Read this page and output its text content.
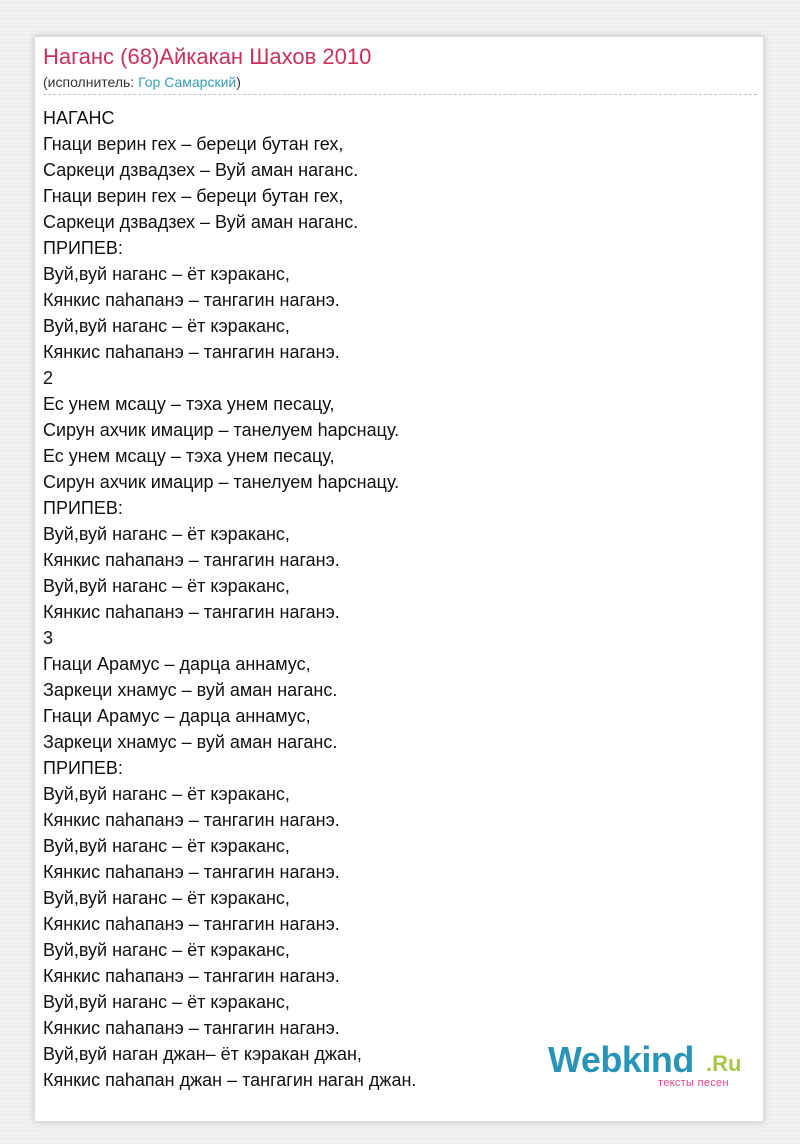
Наганс (68)Айкакан Шахов 2010
(исполнитель: Гор Самарский)
НАГАНС
Гнаци верин гех – береци бутан гех,
Саркеци дзвадзех – Вуй аман наганс.
Гнаци верин гех – береци бутан гех,
Саркеци дзвадзех – Вуй аман наганс.
ПРИПЕВ:
Вуй,вуй наганс – ёт кэраканс,
Кянкис паhапанэ – тангагин наганэ.
Вуй,вуй наганс – ёт кэраканс,
Кянкис паhапанэ – тангагин наганэ.
2
Ес унем мсацу – тэха унем песацу,
Сирун ахчик имацир – танелуем hарснацу.
Ес унем мсацу – тэха унем песацу,
Сирун ахчик имацир – танелуем hарснацу.
ПРИПЕВ:
Вуй,вуй наганс – ёт кэраканс,
Кянкис паhапанэ – тангагин наганэ.
Вуй,вуй наганс – ёт кэраканс,
Кянкис паhапанэ – тангагин наганэ.
3
Гнаци Арамус – дарца аннамус,
Заркеци хнамус – вуй аман наганс.
Гнаци Арамус – дарца аннамус,
Заркеци хнамус – вуй аман наганс.
ПРИПЕВ:
Вуй,вуй наганс – ёт кэраканс,
Кянкис паhапанэ – тангагин наганэ.
Вуй,вуй наганс – ёт кэраканс,
Кянкис паhапанэ – тангагин наганэ.
Вуй,вуй наганс – ёт кэраканс,
Кянкис паhапанэ – тангагин наганэ.
Вуй,вуй наганс – ёт кэраканс,
Кянкис паhапанэ – тангагин наганэ.
Вуй,вуй наганс – ёт кэраканс,
Кянкис паhапанэ – тангагин наганэ.
Вуй,вуй наган джан– ёт кэракан джан,
Кянкис паhапан джан – тангагин наган джан.	Webkind .Ru
тексты песен
